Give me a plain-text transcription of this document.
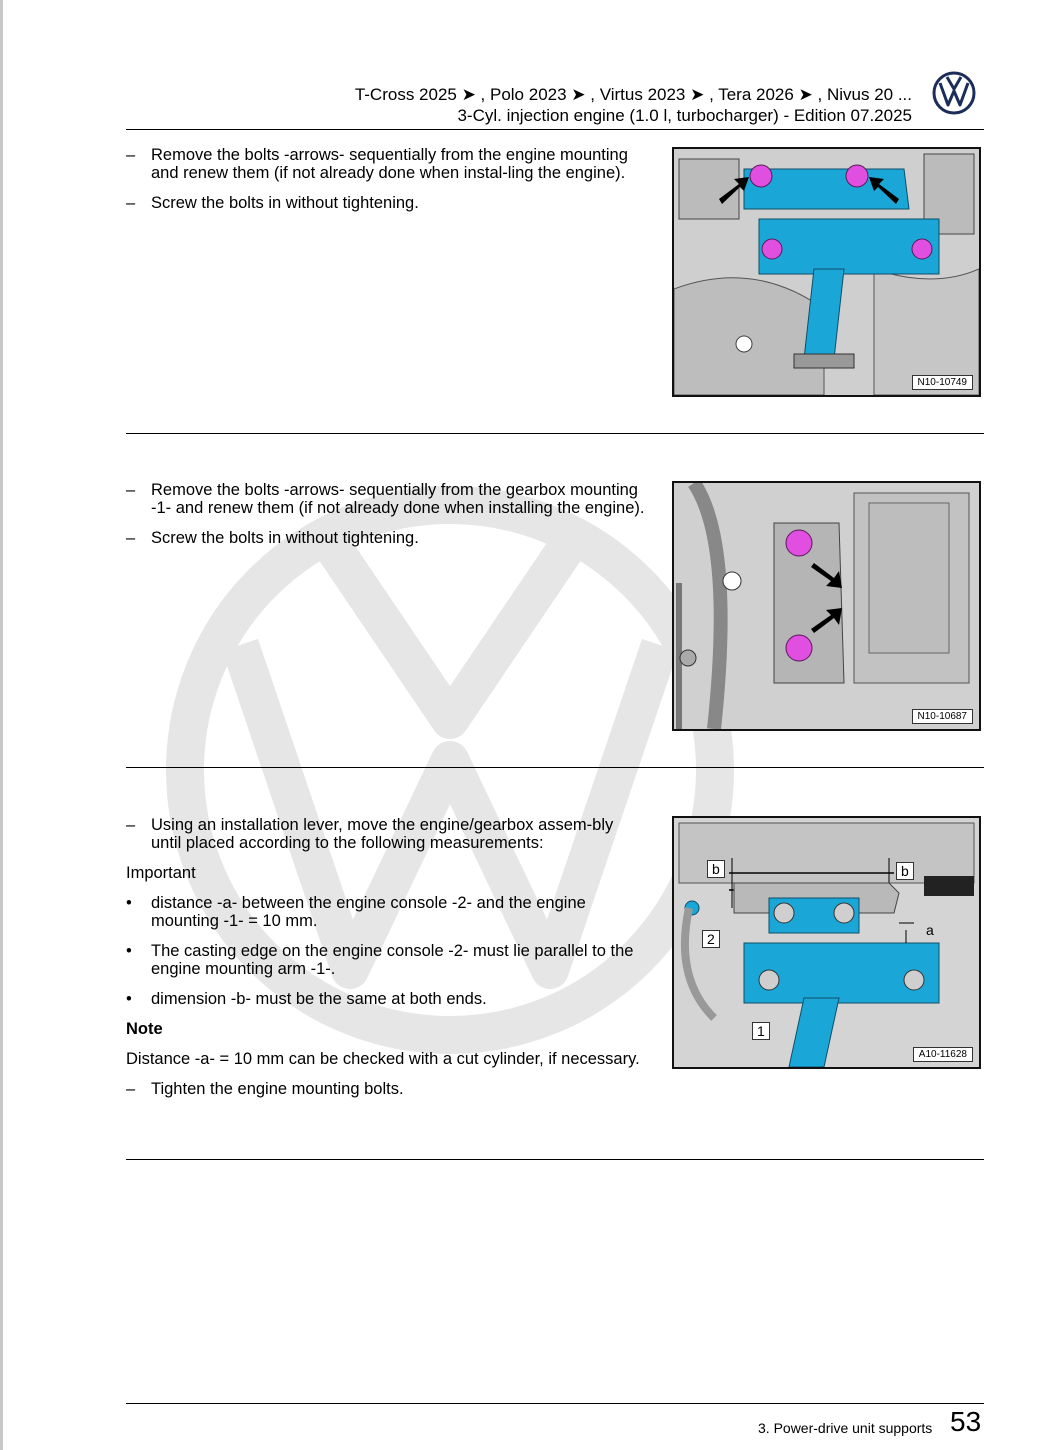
T-Cross 2025 ➤ , Polo 2023 ➤ , Virtus 2023 ➤ , Tera 2026 ➤ , Nivus 20 ...
3-Cyl. injection engine (1.0 l, turbocharger) - Edition 07.2025
– Remove the bolts -arrows- sequentially from the engine mounting and renew them (if not already done when instal-ling the engine).
– Screw the bolts in without tightening.
N10-10749
– Remove the bolts -arrows- sequentially from the gearbox mounting -1- and renew them (if not already done when installing the engine).
– Screw the bolts in without tightening.
N10-10687
– Using an installation lever, move the engine/gearbox assem-bly until placed according to the following measurements:
Important
• distance -a- between the engine console -2- and the engine mounting -1- = 10 mm.
• The casting edge on the engine console -2- must lie parallel to the engine mounting arm -1-.
• dimension -b- must be the same at both ends.
Note
Distance -a- = 10 mm can be checked with a cut cylinder, if necessary.
– Tighten the engine mounting bolts.
b	b
a
2
1
A10-11628
3. Power-drive unit supports 53
